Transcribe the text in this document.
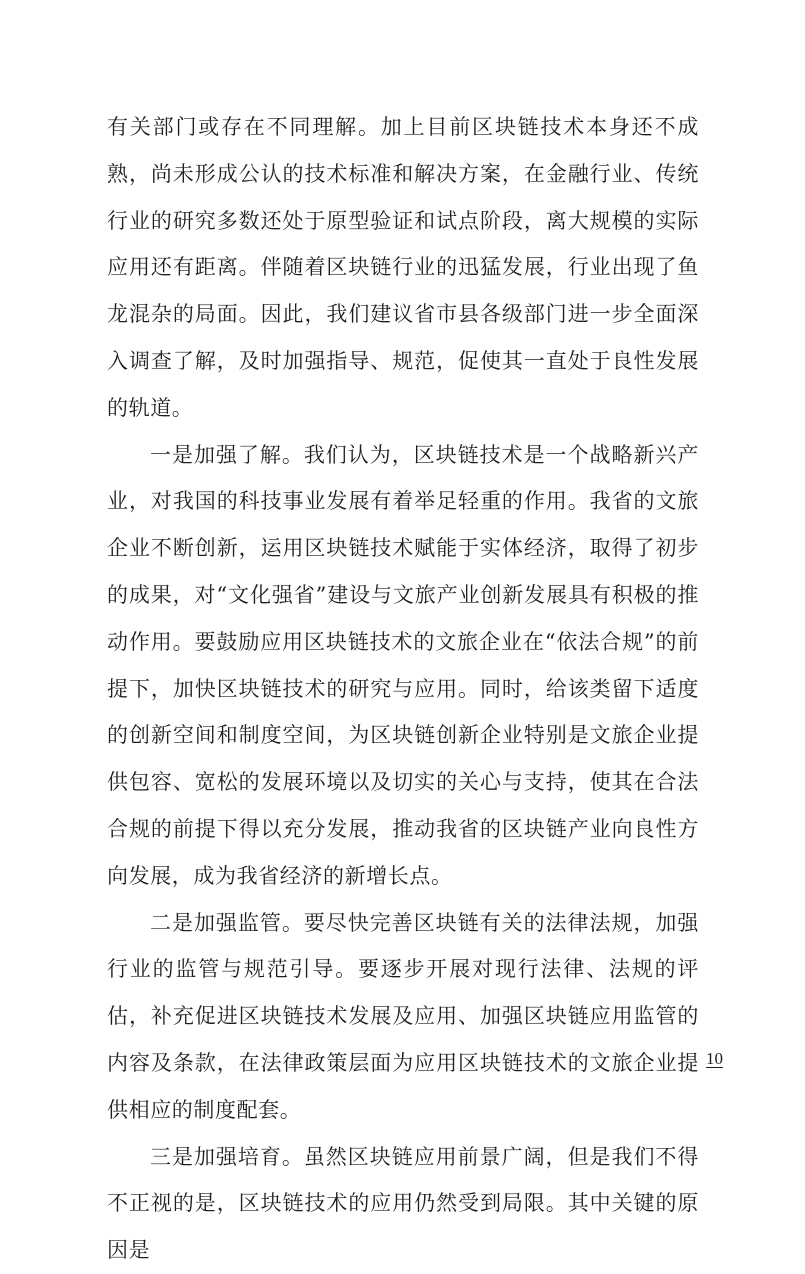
有关部门或存在不同理解。加上目前区块链技术本身还不成熟，尚未形成公认的技术标准和解决方案，在金融行业、传统行业的研究多数还处于原型验证和试点阶段，离大规模的实际应用还有距离。伴随着区块链行业的迅猛发展，行业出现了鱼龙混杂的局面。因此，我们建议省市县各级部门进一步全面深入调查了解，及时加强指导、规范，促使其一直处于良性发展的轨道。

一是加强了解。我们认为，区块链技术是一个战略新兴产业，对我国的科技事业发展有着举足轻重的作用。我省的文旅企业不断创新，运用区块链技术赋能于实体经济，取得了初步的成果，对“文化强省”建设与文旅产业创新发展具有积极的推动作用。要鼓励应用区块链技术的文旅企业在“依法合规”的前提下，加快区块链技术的研究与应用。同时，给该类留下适度的创新空间和制度空间，为区块链创新企业特别是文旅企业提供包容、宽松的发展环境以及切实的关心与支持，使其在合法合规的前提下得以充分发展，推动我省的区块链产业向良性方向发展，成为我省经济的新增长点。

二是加强监管。要尽快完善区块链有关的法律法规，加强行业的监管与规范引导。要逐步开展对现行法律、法规的评估，补充促进区块链技术发展及应用、加强区块链应用监管的内容及条款，在法律政策层面为应用区块链技术的文旅企业提供相应的制度配套。

三是加强培育。虽然区块链应用前景广阔，但是我们不得不正视的是，区块链技术的应用仍然受到局限。其中关键的原因是

10
